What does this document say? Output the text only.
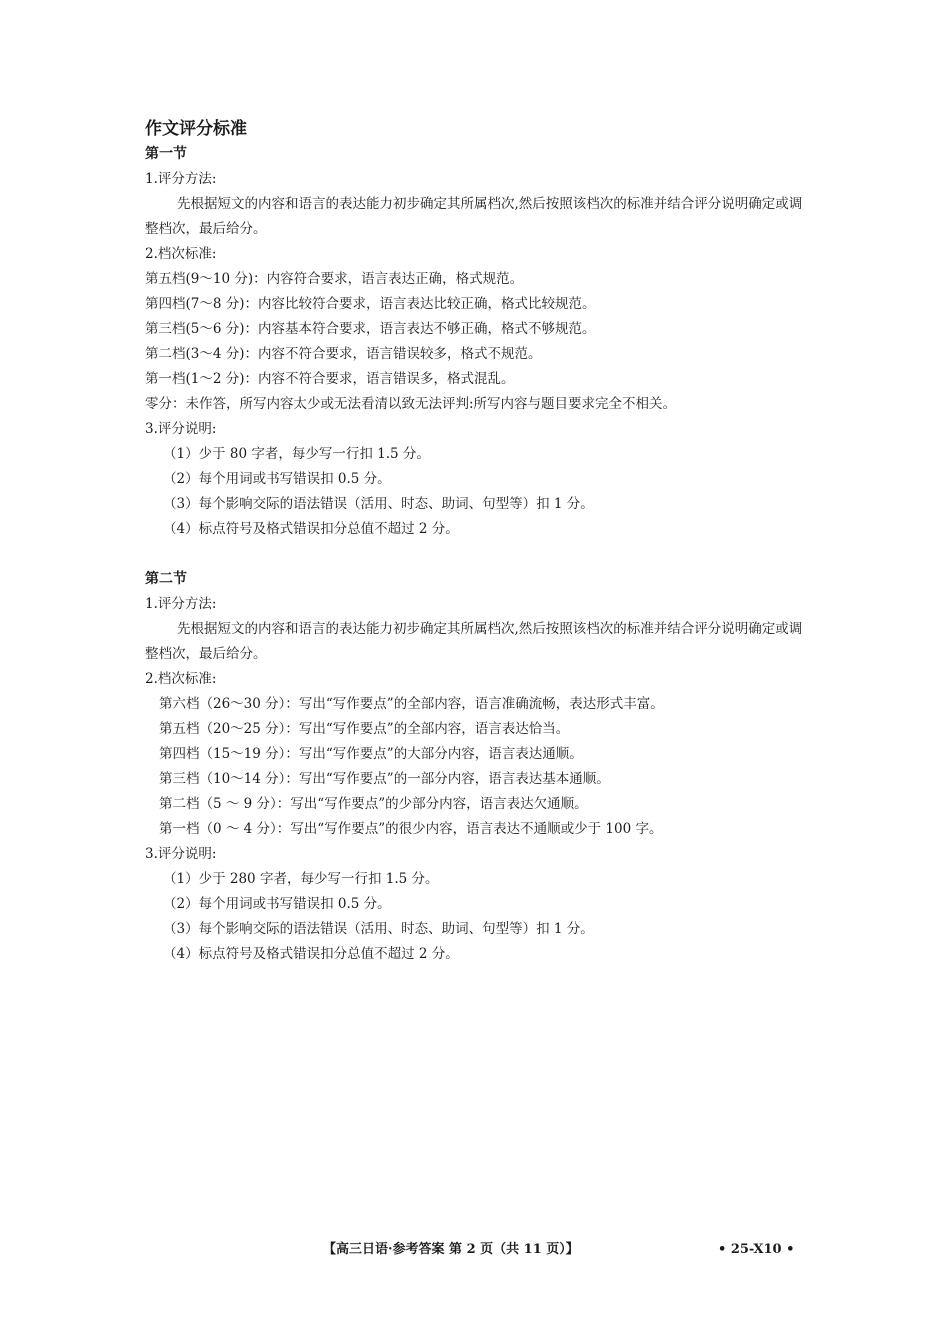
作文评分标准
第一节

1.评分方法:

先根据短文的内容和语言的表达能力初步确定其所属档次,然后按照该档次的标准并结合评分说明确定或调整档次，最后给分。

2.档次标准:

第五档(9～10 分)：内容符合要求，语言表达正确，格式规范。

第四档(7～8 分)：内容比较符合要求，语言表达比较正确，格式比较规范。

第三档(5～6 分)：内容基本符合要求，语言表达不够正确，格式不够规范。

第二档(3～4 分)：内容不符合要求，语言错误较多，格式不规范。

第一档(1～2 分)：内容不符合要求，语言错误多，格式混乱。

零分：未作答，所写内容太少或无法看清以致无法评判:所写内容与题目要求完全不相关。

3.评分说明:

（1）少于 80 字者，每少写一行扣 1.5 分。

（2）每个用词或书写错误扣 0.5 分。

（3）每个影响交际的语法错误（活用、时态、助词、句型等）扣 1 分。

（4）标点符号及格式错误扣分总值不超过 2 分。

第二节

1.评分方法:

先根据短文的内容和语言的表达能力初步确定其所属档次,然后按照该档次的标准并结合评分说明确定或调整档次，最后给分。

2.档次标准:

第六档（26～30 分）：写出“写作要点”的全部内容，语言准确流畅，表达形式丰富。

第五档（20～25 分）：写出“写作要点”的全部内容，语言表达恰当。

第四档（15～19 分）：写出“写作要点”的大部分内容，语言表达通顺。

第三档（10～14 分）：写出“写作要点”的一部分内容，语言表达基本通顺。

第二档（5 ～ 9 分）：写出“写作要点”的少部分内容，语言表达欠通顺。

第一档（0 ～ 4 分）：写出“写作要点”的很少内容，语言表达不通顺或少于 100 字。

3.评分说明:

（1）少于 280 字者，每少写一行扣 1.5 分。

（2）每个用词或书写错误扣 0.5 分。

（3）每个影响交际的语法错误（活用、时态、助词、句型等）扣 1 分。

（4）标点符号及格式错误扣分总值不超过 2 分。

【高三日语·参考答案 第 2 页（共 11 页）】	• 25-X10 •
